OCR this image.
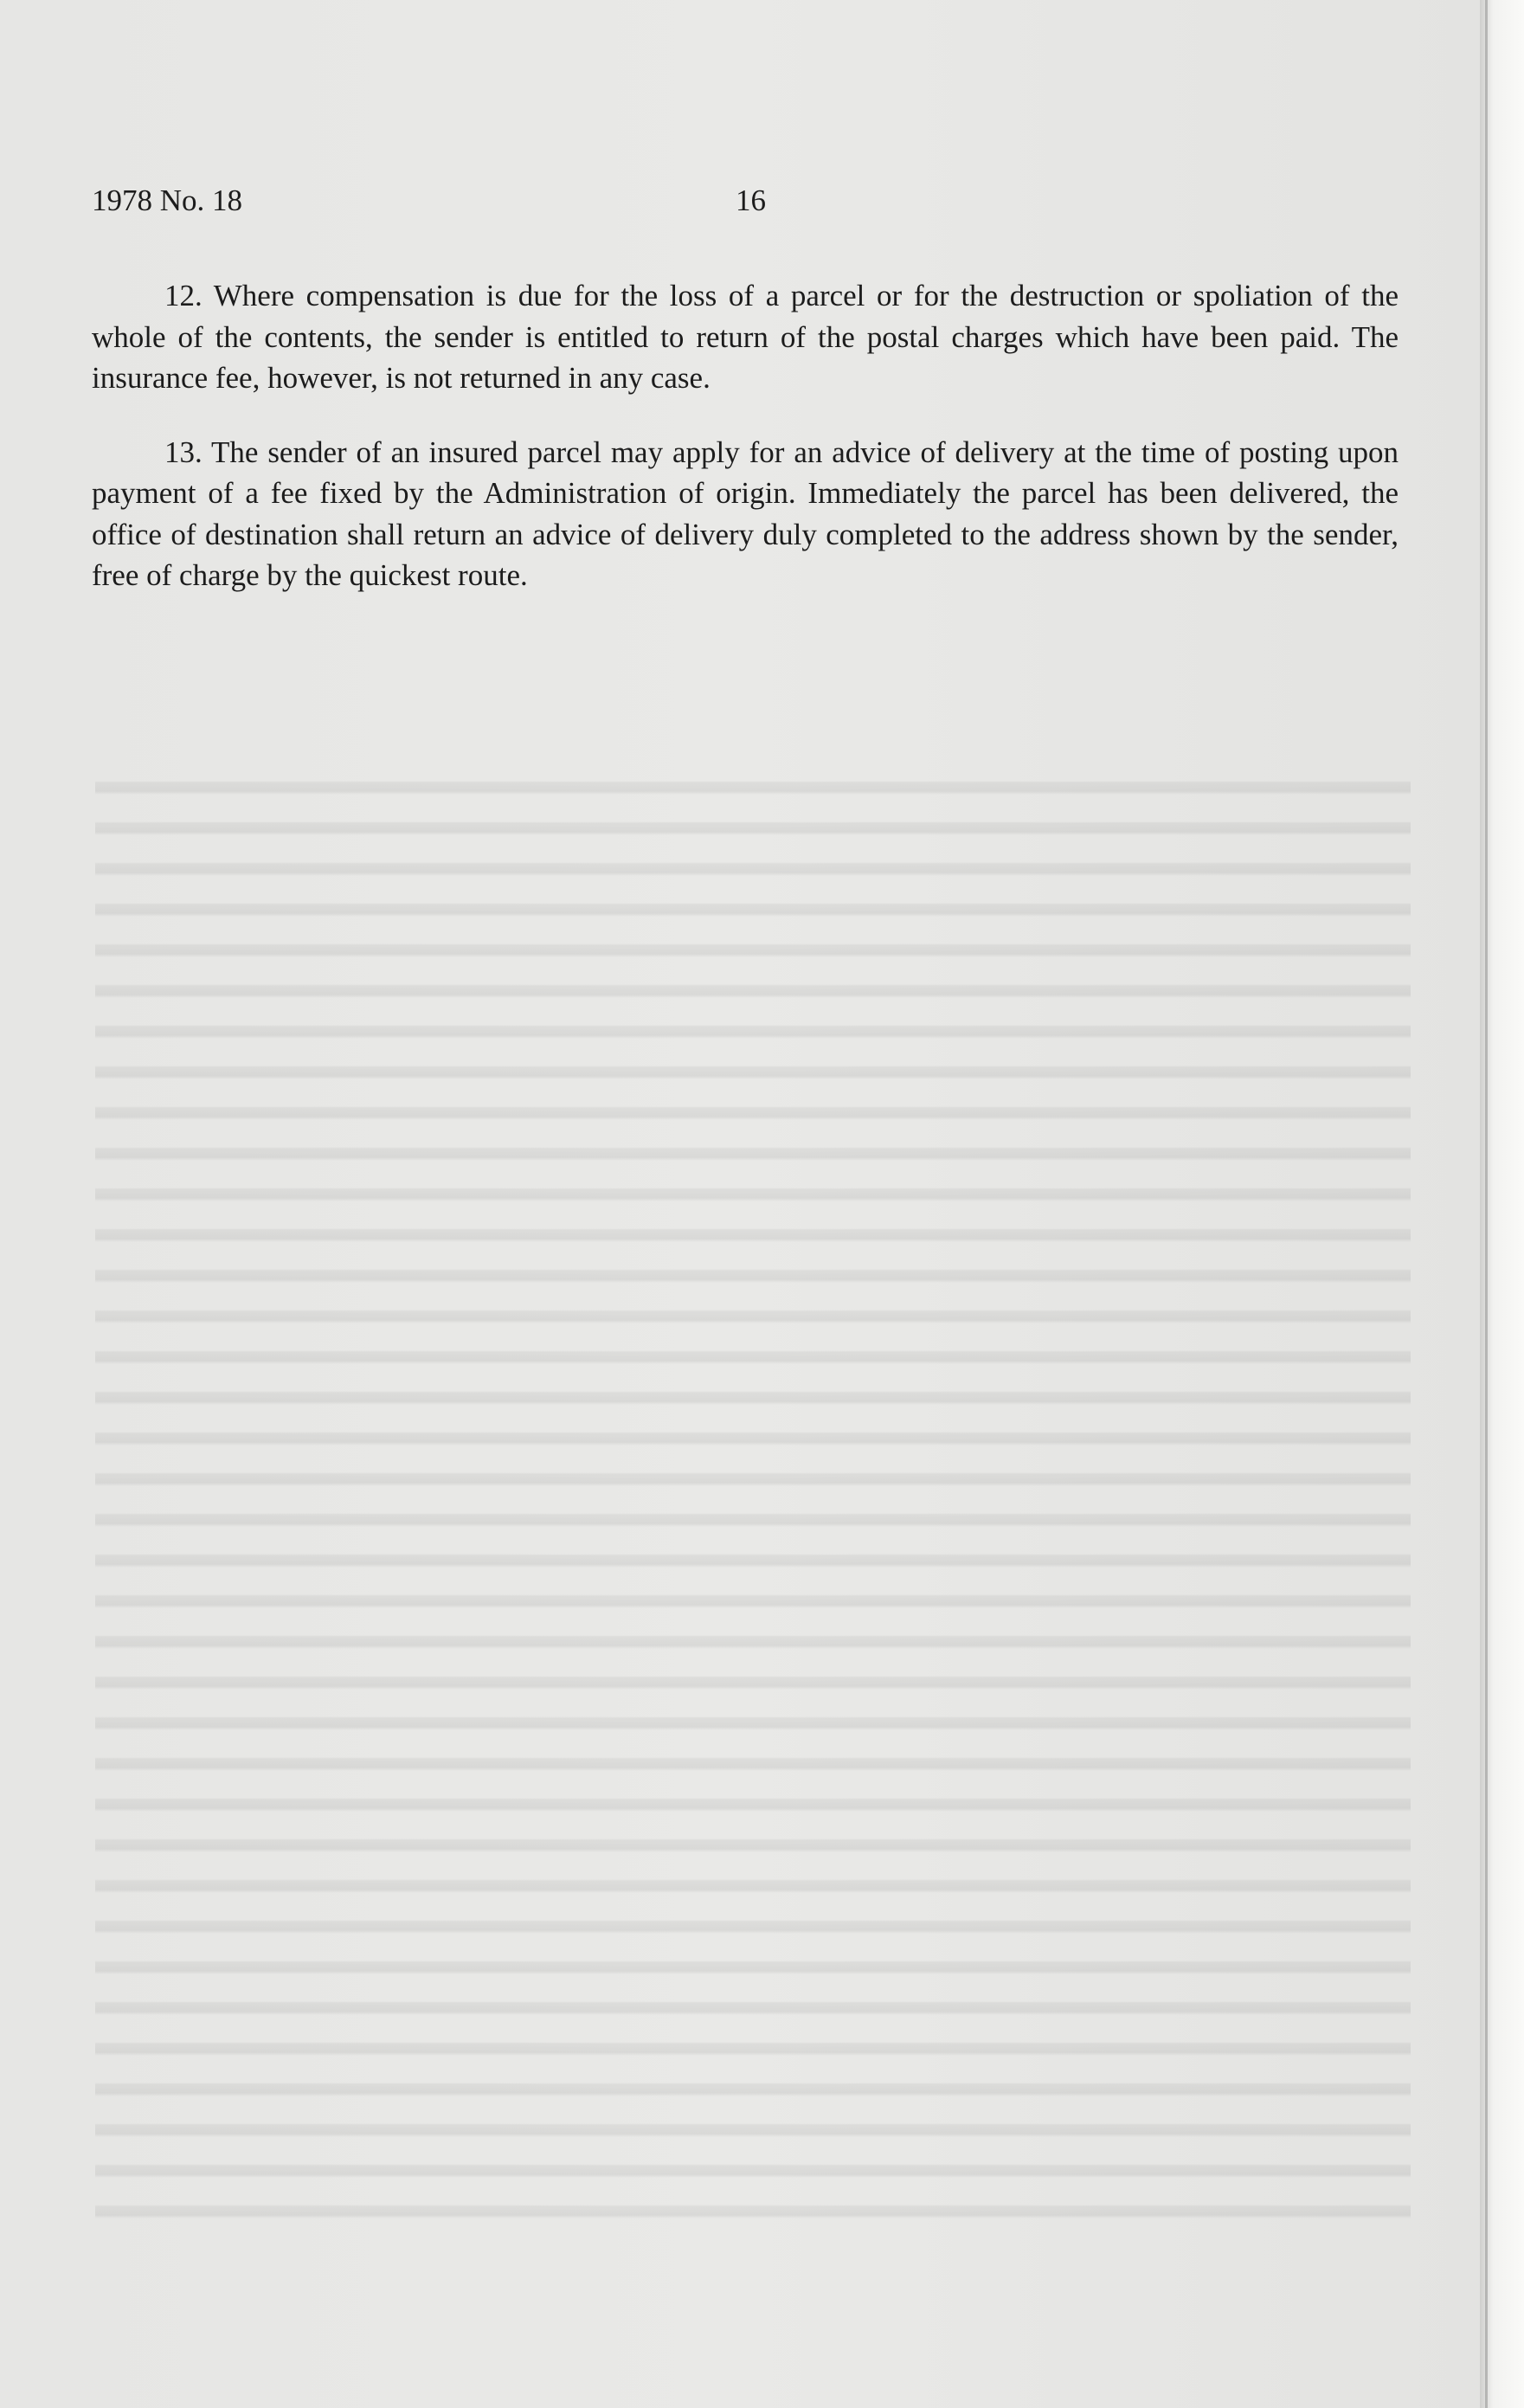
1978 No. 18	16

12. Where compensation is due for the loss of a parcel or for the destruction or spoliation of the whole of the contents, the sender is entitled to return of the postal charges which have been paid. The insurance fee, however, is not returned in any case.

13. The sender of an insured parcel may apply for an advice of delivery at the time of posting upon payment of a fee fixed by the Administration of origin. Immediately the parcel has been delivered, the office of destination shall return an advice of delivery duly completed to the address shown by the sender, free of charge by the quickest route.
